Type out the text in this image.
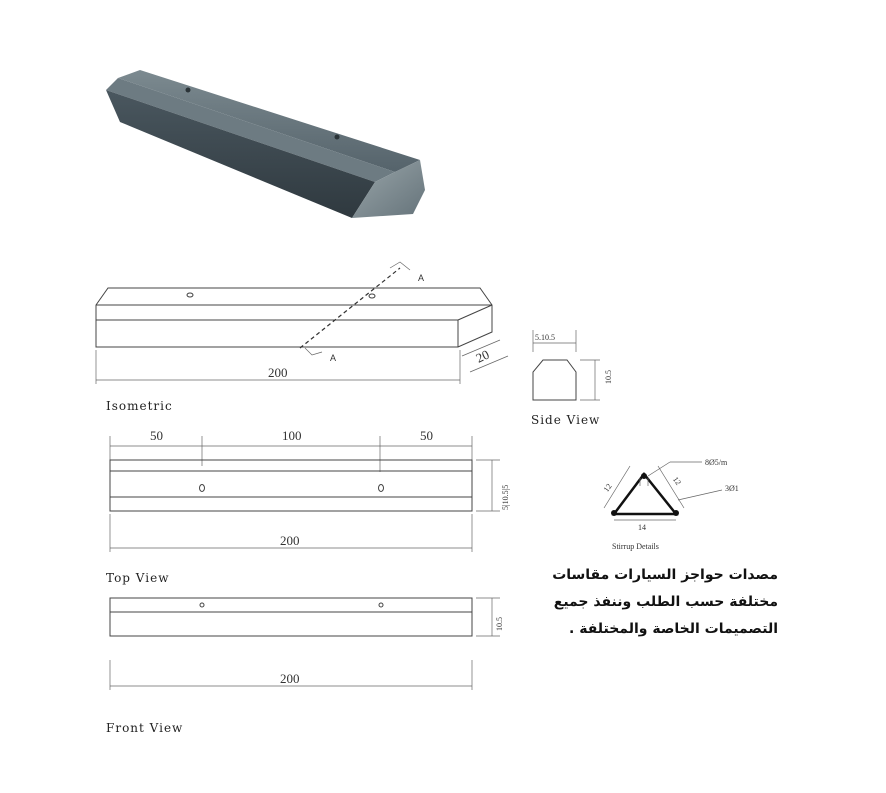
A
A
200
20
Isometric
5.10.5
10.5
Side View
50	100	50
5|10.5|5
200
Top View
12
12
14
8Ø5/m
3Ø1
Stirrup Details
10.5
200
Front View
مصدات حواجز السيارات مقاسات
مختلفة حسب الطلب وننفذ جميع
التصميمات الخاصة والمختلفة .
